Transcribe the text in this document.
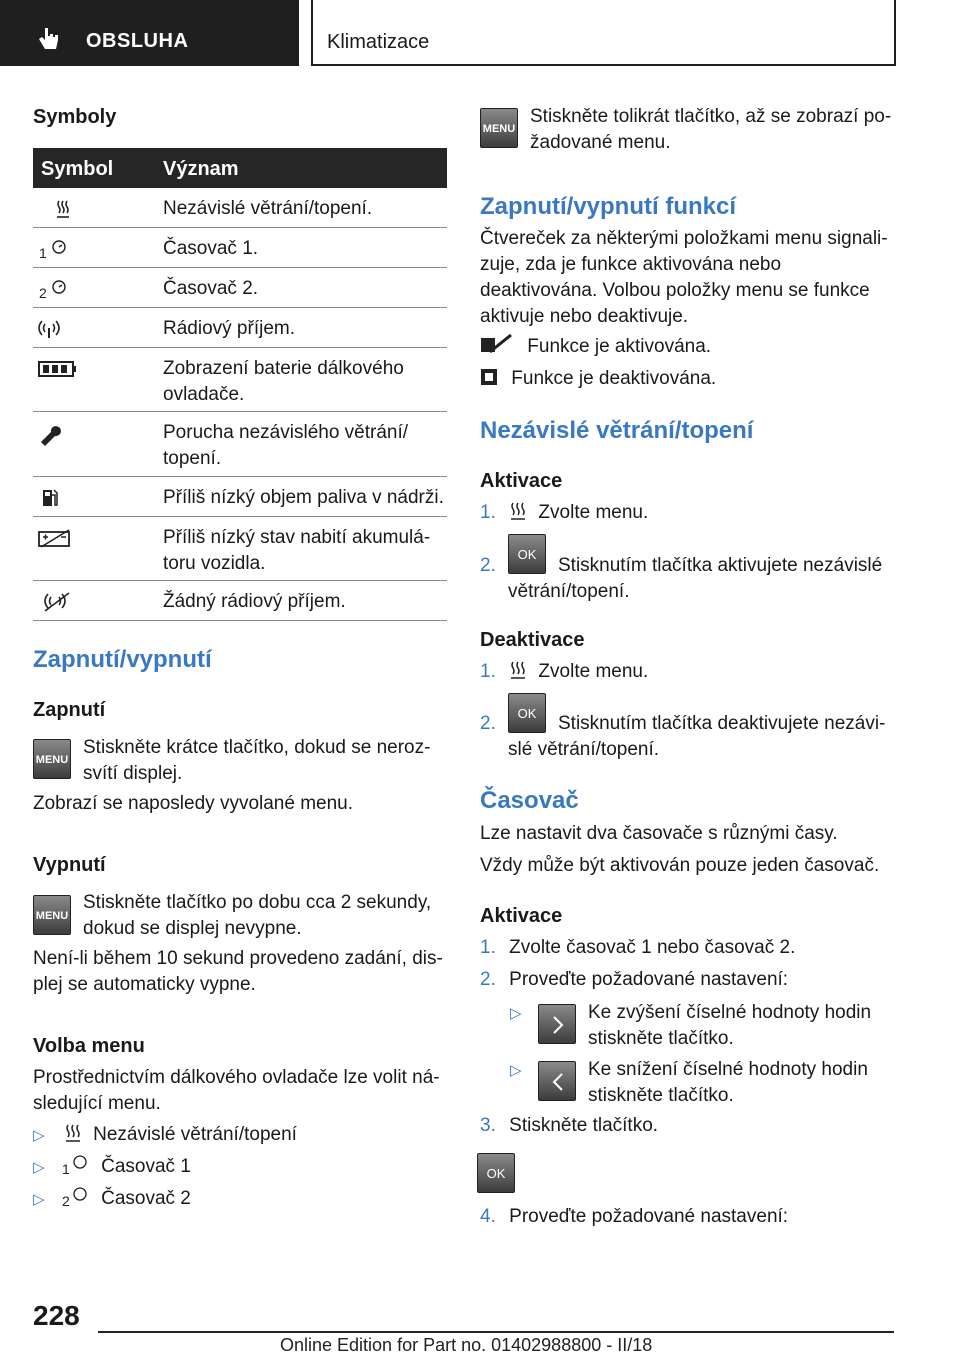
OBSLUHA	Klimatizace
Symboly
Symbol Význam
Nezávislé větrání/topení.
1	Časovač 1.
2	Časovač 2.
Rádiový příjem.
Zobrazení baterie dálkového ovladače.
Porucha nezávislého větrání/ topení.
Příliš nízký objem paliva v nádrži.
Příliš nízký stav nabití akumulá- toru vozidla.
Žádný rádiový příjem.
Zapnutí/vypnutí
Zapnutí
MENU
Stiskněte krátce tlačítko, dokud se neroz- svítí displej.
Zobrazí se naposledy vyvolané menu.
Vypnutí
MENU
Stiskněte tlačítko po dobu cca 2 sekundy, dokud se displej nevypne.
Není-li během 10 sekund provedeno zadání, dis- plej se automaticky vypne.
Volba menu
Prostřednictvím dálkového ovladače lze volit ná- sledující menu.
▷	Nezávislé větrání/topení
▷ 1 Časovač 1
▷ 2 Časovač 2
MENU
Stiskněte tolikrát tlačítko, až se zobrazí po- žadované menu.
Zapnutí/vypnutí funkcí
Čtvereček za některými položkami menu signali- zuje, zda je funkce aktivována nebo deaktivována. Volbou položky menu se funkce aktivuje nebo deaktivuje.
Funkce je aktivována.
Funkce je deaktivována.
Nezávislé větrání/topení
Aktivace
1. Zvolte menu.
2.
OK
Stisknutím tlačítka aktivujete nezávislé větrání/topení.
Deaktivace
1. Zvolte menu.
2.	OK	Stisknutím tlačítka deaktivujete nezávi- slé větrání/topení.
Časovač
Lze nastavit dva časovače s různými časy.
Vždy může být aktivován pouze jeden časovač.
Aktivace
1. Zvolte časovač 1 nebo časovač 2.
2. Proveďte požadované nastavení:
▷	Ke zvýšení číselné hodnoty hodin stiskněte tlačítko.
▷	Ke snížení číselné hodnoty hodin stiskněte tlačítko.
3. Stiskněte tlačítko.
OK
4. Proveďte požadované nastavení:
228
Online Edition for Part no. 01402988800 - II/18
